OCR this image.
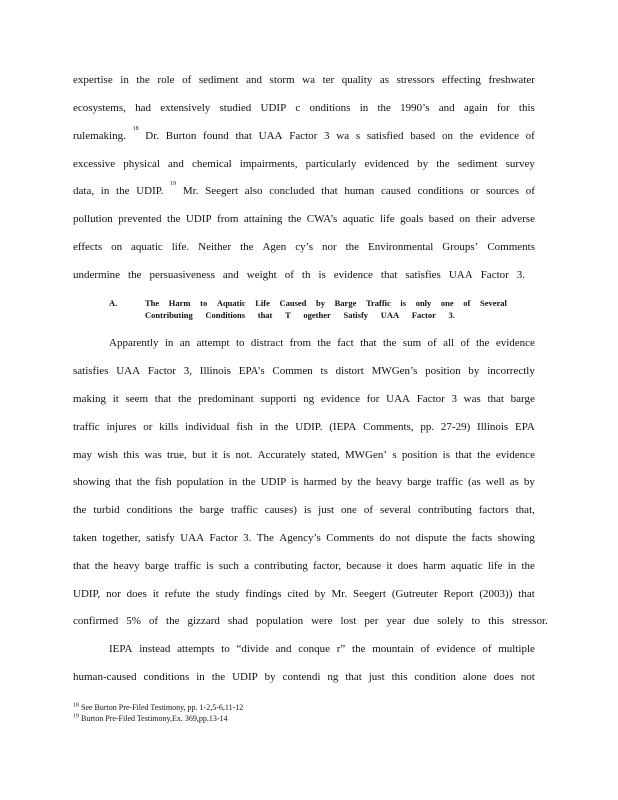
expertise in the role of sediment and storm wa ter quality as stressors effecting freshwater
ecosystems, had extensively studied UDIP c onditions in the 1990’s and again for this
rulemaking.
18
Dr. Burton found that UAA Factor 3 wa s satisfied based on the evidence of
excessive physical and chemical impairments, particularly evidenced by the sediment survey
data, in the UDIP.
19
Mr. Seegert also concluded that human caused conditions or sources of
pollution prevented the UDIP from attaining the CWA’s aquatic life goals based on their adverse
effects on aquatic life. Neither the Agen cy’s nor the Environmental Groups’ Comments
undermine the persuasiveness and weight of th is evidence that satisfies UAA Factor 3.
A.	The Harm to Aquatic Life Caused by Barge Traffic is only one of Several
Contributing Conditions that T ogether Satisfy UAA Factor 3.
Apparently in an attempt to distract from the fact that the sum of all of the evidence
satisfies UAA Factor 3, Illinois EPA’s Commen ts distort MWGen’s position by incorrectly
making it seem that the predominant supporti ng evidence for UAA Factor 3 was that barge
traffic injures or kills individual fish in the UDIP. (IEPA Comments, pp. 27-29) Illinois EPA
may wish this was true, but it is not. Accurately stated, MWGen’ s position is that the evidence
showing that the fish population in the UDIP is harmed by the heavy barge traffic (as well as by
the turbid conditions the barge traffic causes) is just one of several contributing factors that,
taken together, satisfy UAA Factor 3. The Agency’s Comments do not dispute the facts showing
that the heavy barge traffic is such a contributing factor, because it does harm aquatic life in the
UDIP, nor does it refute the study findings cited by Mr. Seegert (Gutreuter Report (2003)) that
confirmed 5% of the gizzard shad population were lost per year due solely to this stressor.
IEPA instead attempts to “divide and conque r” the mountain of evidence of multiple
human-caused conditions in the UDIP by contendi ng that just this condition alone does not
$^{18}$ See Burton Pre-Filed Testimony, pp. 1-2,5-6,11-12
$^{19}$ Burton Pre-Filed Testimony,Ex. 369,pp.13-14
